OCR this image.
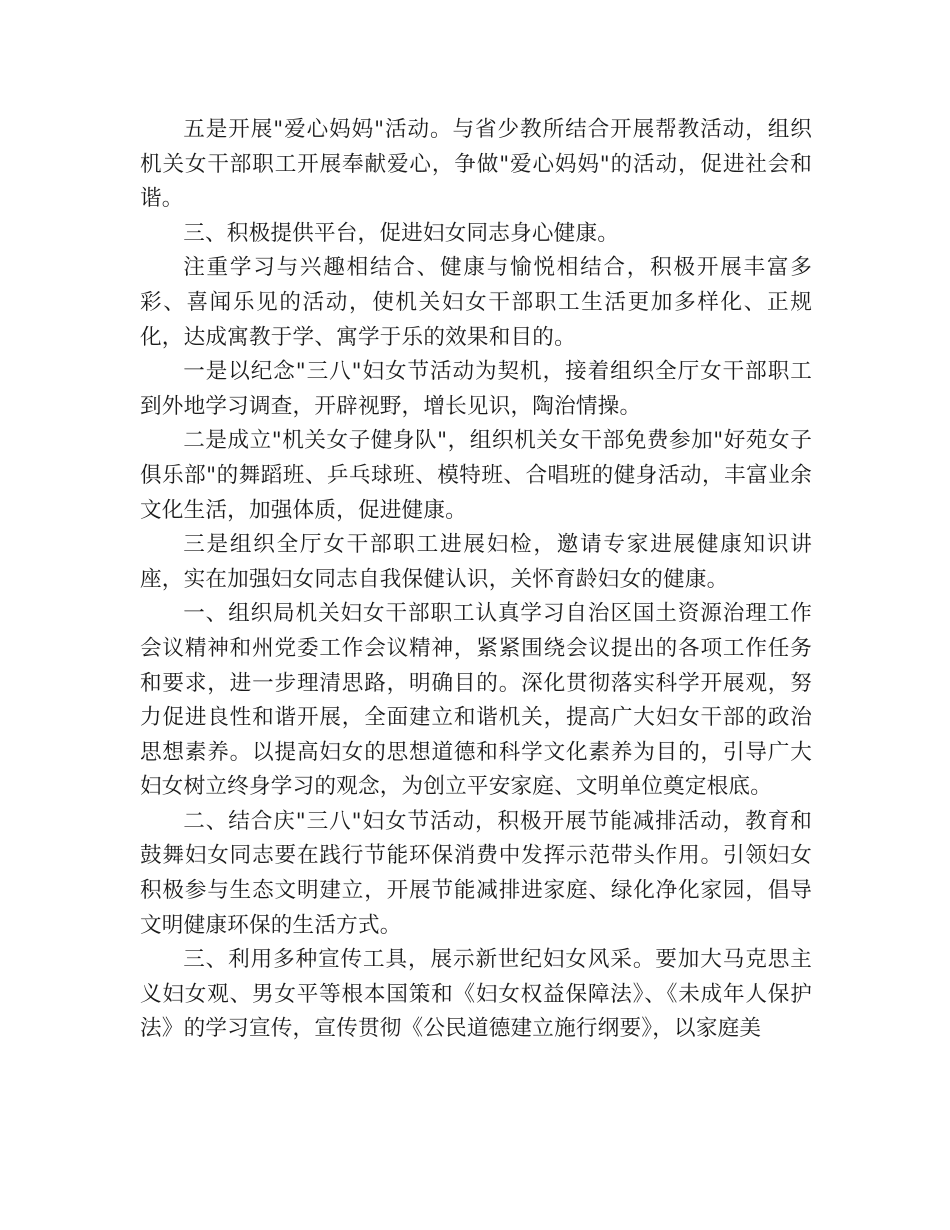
五是开展"爱心妈妈"活动。与省少教所结合开展帮教活动，组织机关女干部职工开展奉献爱心，争做"爱心妈妈"的活动，促进社会和谐。

三、积极提供平台，促进妇女同志身心健康。

注重学习与兴趣相结合、健康与愉悦相结合，积极开展丰富多彩、喜闻乐见的活动，使机关妇女干部职工生活更加多样化、正规化，达成寓教于学、寓学于乐的效果和目的。

一是以纪念"三八"妇女节活动为契机，接着组织全厅女干部职工到外地学习调查，开辟视野，增长见识，陶治情操。

二是成立"机关女子健身队"，组织机关女干部免费参加"好苑女子俱乐部"的舞蹈班、乒乓球班、模特班、合唱班的健身活动，丰富业余文化生活，加强体质，促进健康。

三是组织全厅女干部职工进展妇检，邀请专家进展健康知识讲座，实在加强妇女同志自我保健认识，关怀育龄妇女的健康。

一、组织局机关妇女干部职工认真学习自治区国土资源治理工作会议精神和州党委工作会议精神，紧紧围绕会议提出的各项工作任务和要求，进一步理清思路，明确目的。深化贯彻落实科学开展观，努力促进良性和谐开展，全面建立和谐机关，提高广大妇女干部的政治思想素养。以提高妇女的思想道德和科学文化素养为目的，引导广大妇女树立终身学习的观念，为创立平安家庭、文明单位奠定根底。

二、结合庆"三八"妇女节活动，积极开展节能减排活动，教育和鼓舞妇女同志要在践行节能环保消费中发挥示范带头作用。引领妇女积极参与生态文明建立，开展节能减排进家庭、绿化净化家园，倡导文明健康环保的生活方式。

三、利用多种宣传工具，展示新世纪妇女风采。要加大马克思主义妇女观、男女平等根本国策和《妇女权益保障法》、《未成年人保护法》的学习宣传，宣传贯彻《公民道德建立施行纲要》，以家庭美
